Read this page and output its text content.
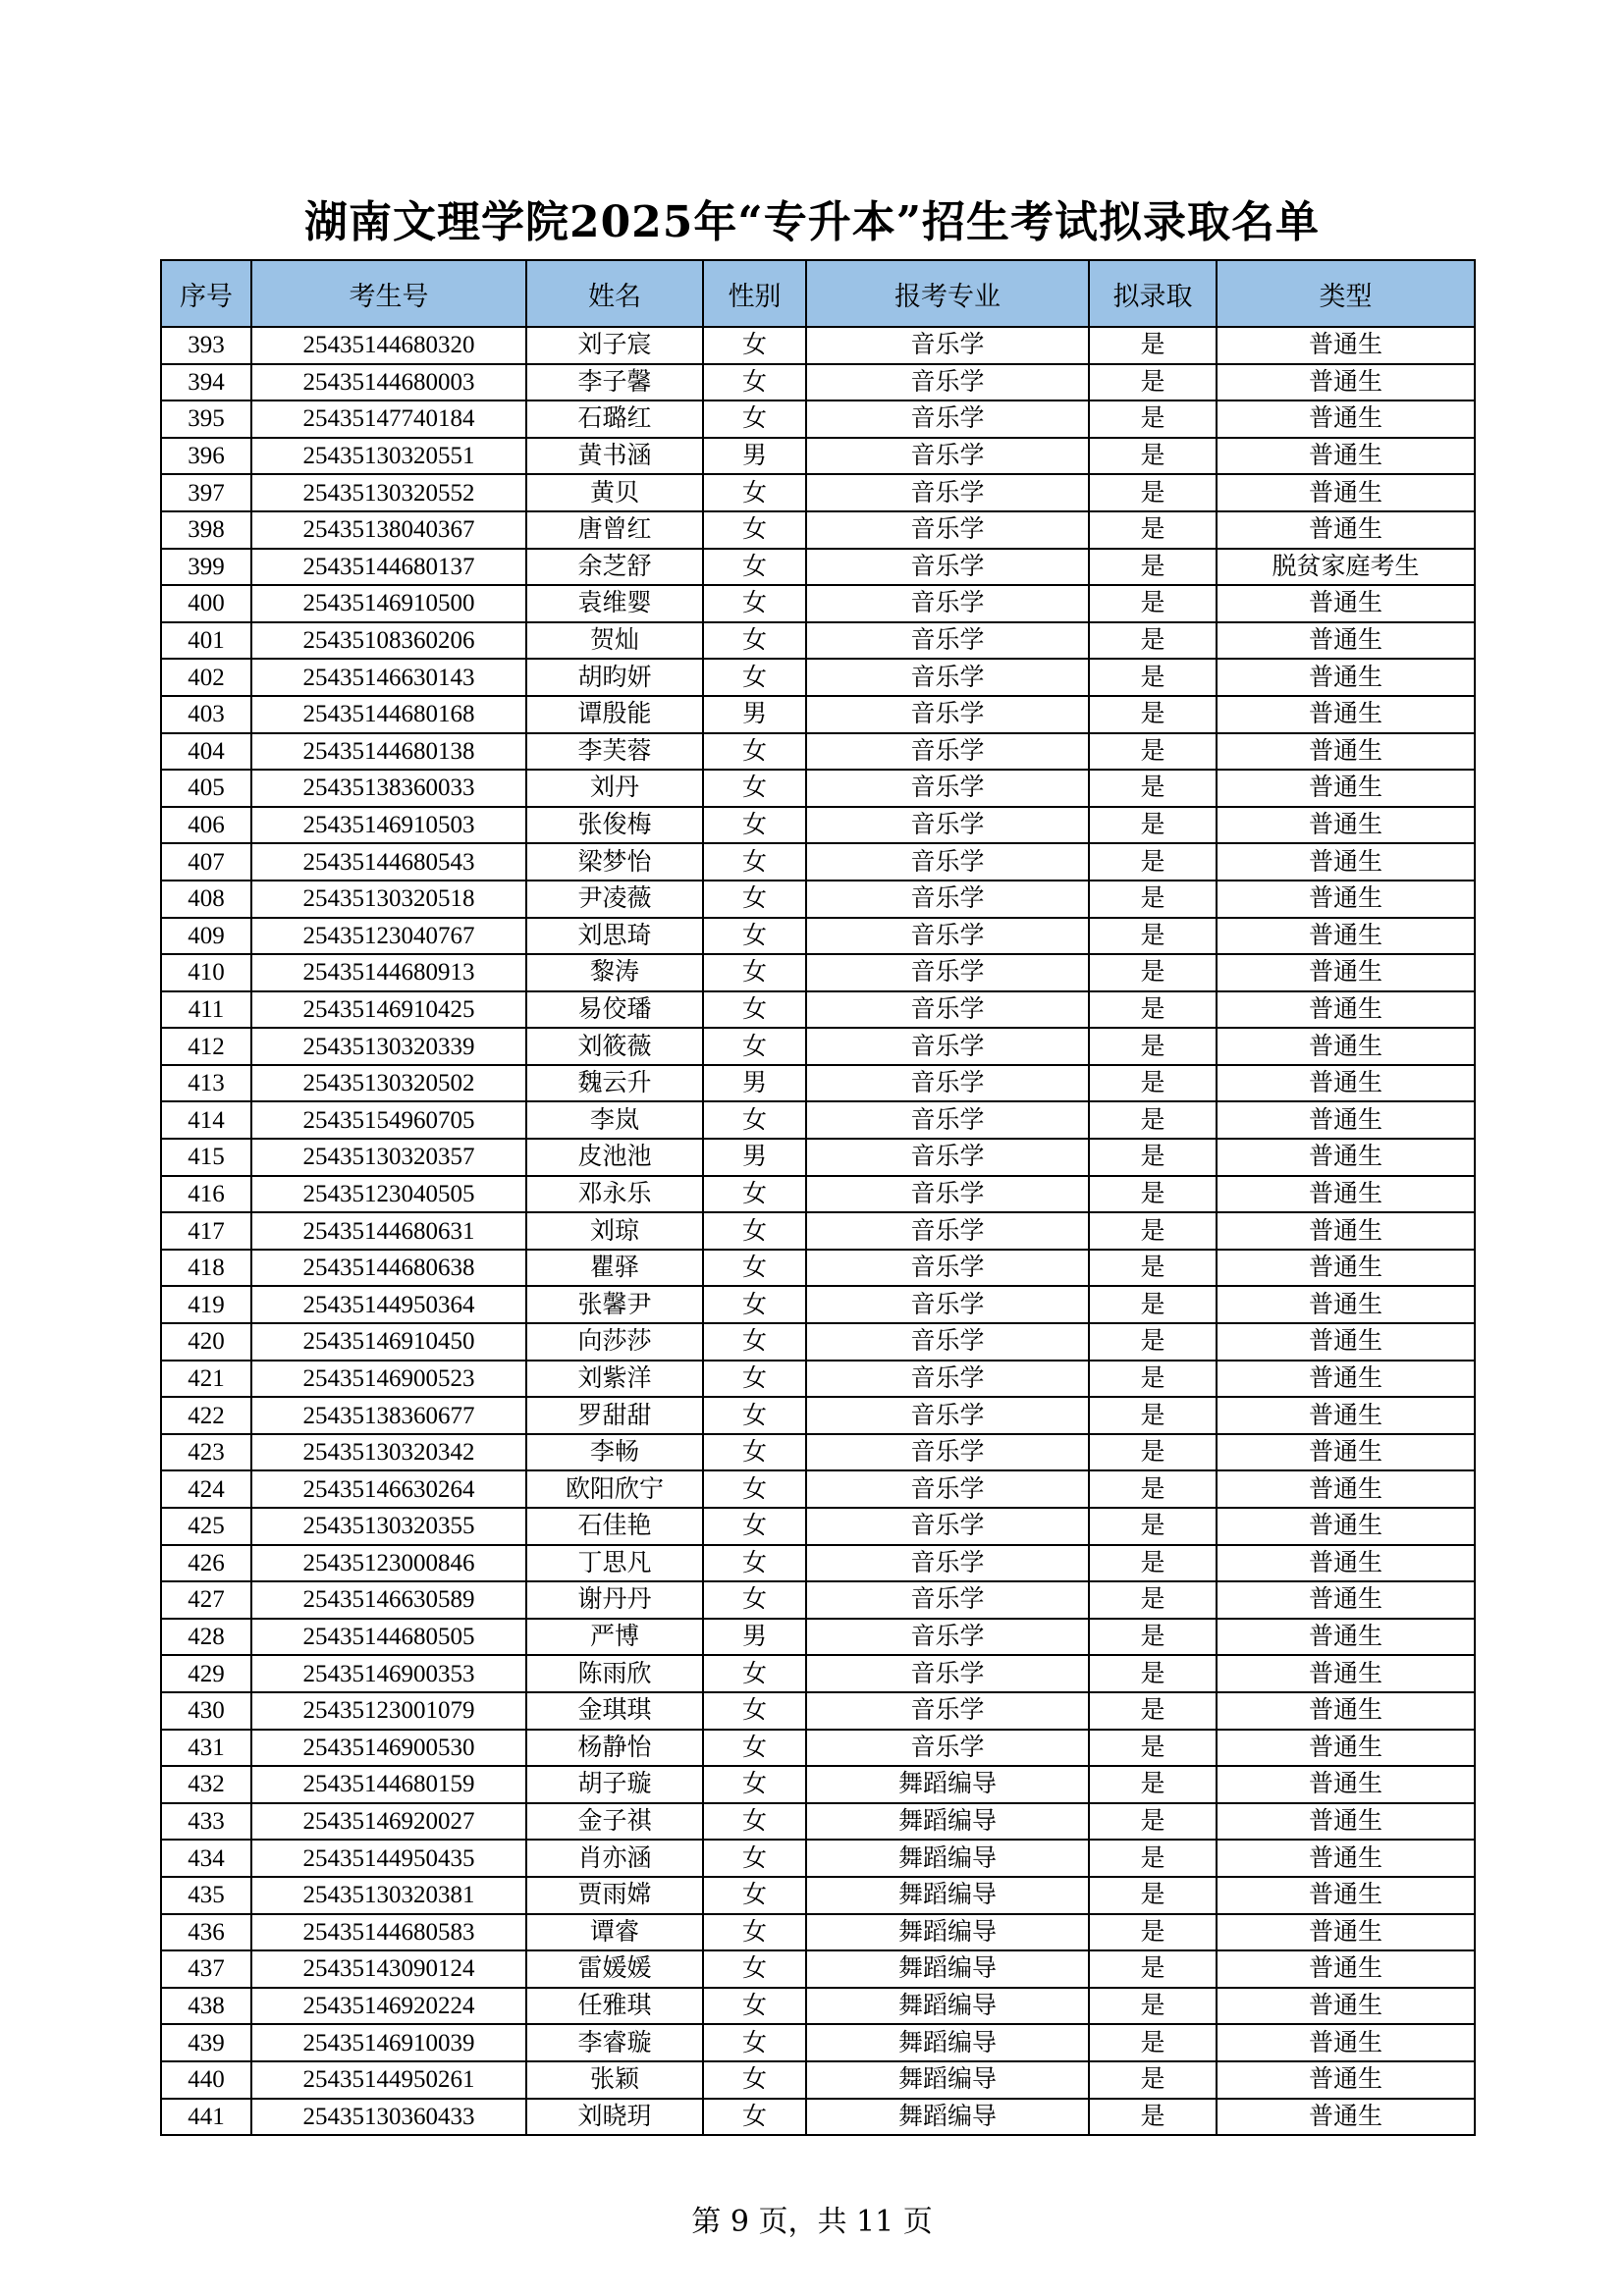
湖南文理学院2025年“专升本”招生考试拟录取名单
序号	考生号	姓名	性别	报考专业	拟录取	类型
393	25435144680320	刘子宸	女	音乐学	是	普通生
394	25435144680003	李子馨	女	音乐学	是	普通生
395	25435147740184	石璐红	女	音乐学	是	普通生
396	25435130320551	黄书涵	男	音乐学	是	普通生
397	25435130320552	黄贝	女	音乐学	是	普通生
398	25435138040367	唐曾红	女	音乐学	是	普通生
399	25435144680137	余芝舒	女	音乐学	是	脱贫家庭考生
400	25435146910500	袁维婴	女	音乐学	是	普通生
401	25435108360206	贺灿	女	音乐学	是	普通生
402	25435146630143	胡昀妍	女	音乐学	是	普通生
403	25435144680168	谭殷能	男	音乐学	是	普通生
404	25435144680138	李芙蓉	女	音乐学	是	普通生
405	25435138360033	刘丹	女	音乐学	是	普通生
406	25435146910503	张俊梅	女	音乐学	是	普通生
407	25435144680543	梁梦怡	女	音乐学	是	普通生
408	25435130320518	尹凌薇	女	音乐学	是	普通生
409	25435123040767	刘思琦	女	音乐学	是	普通生
410	25435144680913	黎涛	女	音乐学	是	普通生
411	25435146910425	易佼璠	女	音乐学	是	普通生
412	25435130320339	刘筱薇	女	音乐学	是	普通生
413	25435130320502	魏云升	男	音乐学	是	普通生
414	25435154960705	李岚	女	音乐学	是	普通生
415	25435130320357	皮池池	男	音乐学	是	普通生
416	25435123040505	邓永乐	女	音乐学	是	普通生
417	25435144680631	刘琼	女	音乐学	是	普通生
418	25435144680638	瞿驿	女	音乐学	是	普通生
419	25435144950364	张馨尹	女	音乐学	是	普通生
420	25435146910450	向莎莎	女	音乐学	是	普通生
421	25435146900523	刘紫洋	女	音乐学	是	普通生
422	25435138360677	罗甜甜	女	音乐学	是	普通生
423	25435130320342	李畅	女	音乐学	是	普通生
424	25435146630264	欧阳欣宁	女	音乐学	是	普通生
425	25435130320355	石佳艳	女	音乐学	是	普通生
426	25435123000846	丁思凡	女	音乐学	是	普通生
427	25435146630589	谢丹丹	女	音乐学	是	普通生
428	25435144680505	严博	男	音乐学	是	普通生
429	25435146900353	陈雨欣	女	音乐学	是	普通生
430	25435123001079	金琪琪	女	音乐学	是	普通生
431	25435146900530	杨静怡	女	音乐学	是	普通生
432	25435144680159	胡子璇	女	舞蹈编导	是	普通生
433	25435146920027	金子祺	女	舞蹈编导	是	普通生
434	25435144950435	肖亦涵	女	舞蹈编导	是	普通生
435	25435130320381	贾雨嫦	女	舞蹈编导	是	普通生
436	25435144680583	谭睿	女	舞蹈编导	是	普通生
437	25435143090124	雷媛媛	女	舞蹈编导	是	普通生
438	25435146920224	任雅琪	女	舞蹈编导	是	普通生
439	25435146910039	李睿璇	女	舞蹈编导	是	普通生
440	25435144950261	张颖	女	舞蹈编导	是	普通生
441	25435130360433	刘晓玥	女	舞蹈编导	是	普通生
第 9 页，共 11 页
